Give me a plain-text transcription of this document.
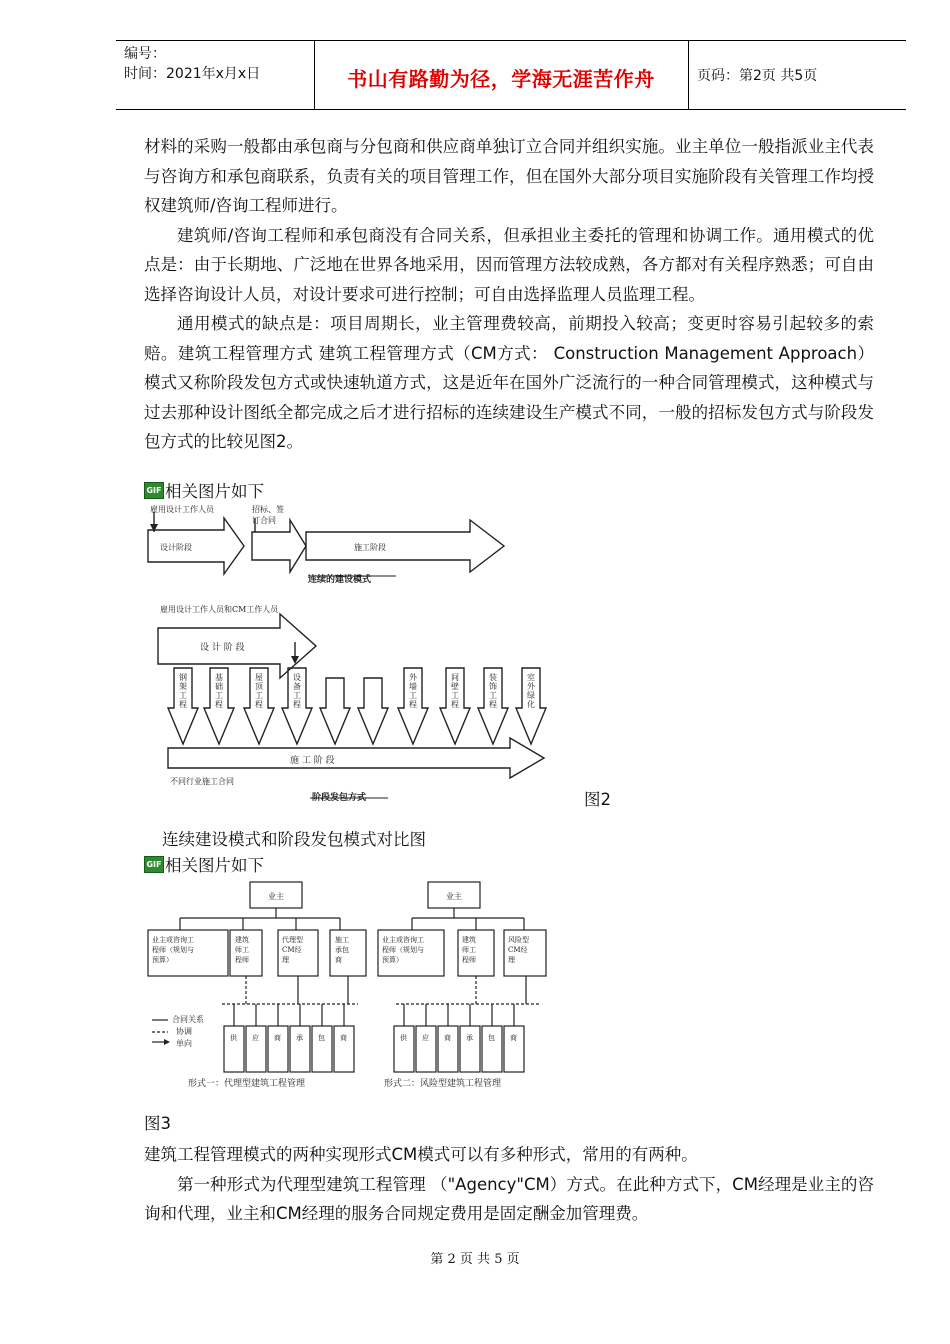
编号：
时间：2021年x月x日	书山有路勤为径，学海无涯苦作舟	页码：第2页 共5页

材料的采购一般都由承包商与分包商和供应商单独订立合同并组织实施。业主单位一般指派业主代表与咨询方和承包商联系，负责有关的项目管理工作，但在国外大部分项目实施阶段有关管理工作均授权建筑师/咨询工程师进行。

建筑师/咨询工程师和承包商没有合同关系，但承担业主委托的管理和协调工作。通用模式的优点是：由于长期地、广泛地在世界各地采用，因而管理方法较成熟，各方都对有关程序熟悉；可自由选择咨询设计人员，对设计要求可进行控制；可自由选择监理人员监理工程。

通用模式的缺点是：项目周期长，业主管理费较高，前期投入较高；变更时容易引起较多的索赔。建筑工程管理方式 建筑工程管理方式（CM方式： Construction Management Approach）模式又称阶段发包方式或快速轨道方式，这是近年在国外广泛流行的一种合同管理模式，这种模式与过去那种设计图纸全都完成之后才进行招标的连续建设生产模式不同，一般的招标发包方式与阶段发包方式的比较见图2。

GIF 相关图片如下
雇用设计工作人员	招标、签
订合同
设计阶段	施工阶段
雇用设计工作人员和CM工作人员
设 计 阶 段
施 工 阶 段
不同行业施工合同
连续的建设模式
阶段发包方式
钢
架
工
程
基
础
工
程
屋
顶
工
程
设
备
工
程
外
墙
工
程
间
壁
工
程
装
饰
工
程
室
外
绿
化
图2
连续建设模式和阶段发包模式对比图
GIF 相关图片如下
业主	业主
合同关系
协调
单向
形式一：代理型建筑工程管理	形式二：风险型建筑工程管理
业主或咨询工
程师（规划与
预算）
建筑
师工
程师
代理型
CM经
理
施工
承包
商
业主或咨询工
程师（规划与
预算）
建筑
师工
程师
风险型
CM经
理
供 应 商 承 包 商	供 应 商 承 包 商
图3

建筑工程管理模式的两种实现形式CM模式可以有多种形式，常用的有两种。

第一种形式为代理型建筑工程管理 （"Agency"CM）方式。在此种方式下，CM经理是业主的咨询和代理，业主和CM经理的服务合同规定费用是固定酬金加管理费。

第 2 页 共 5 页
